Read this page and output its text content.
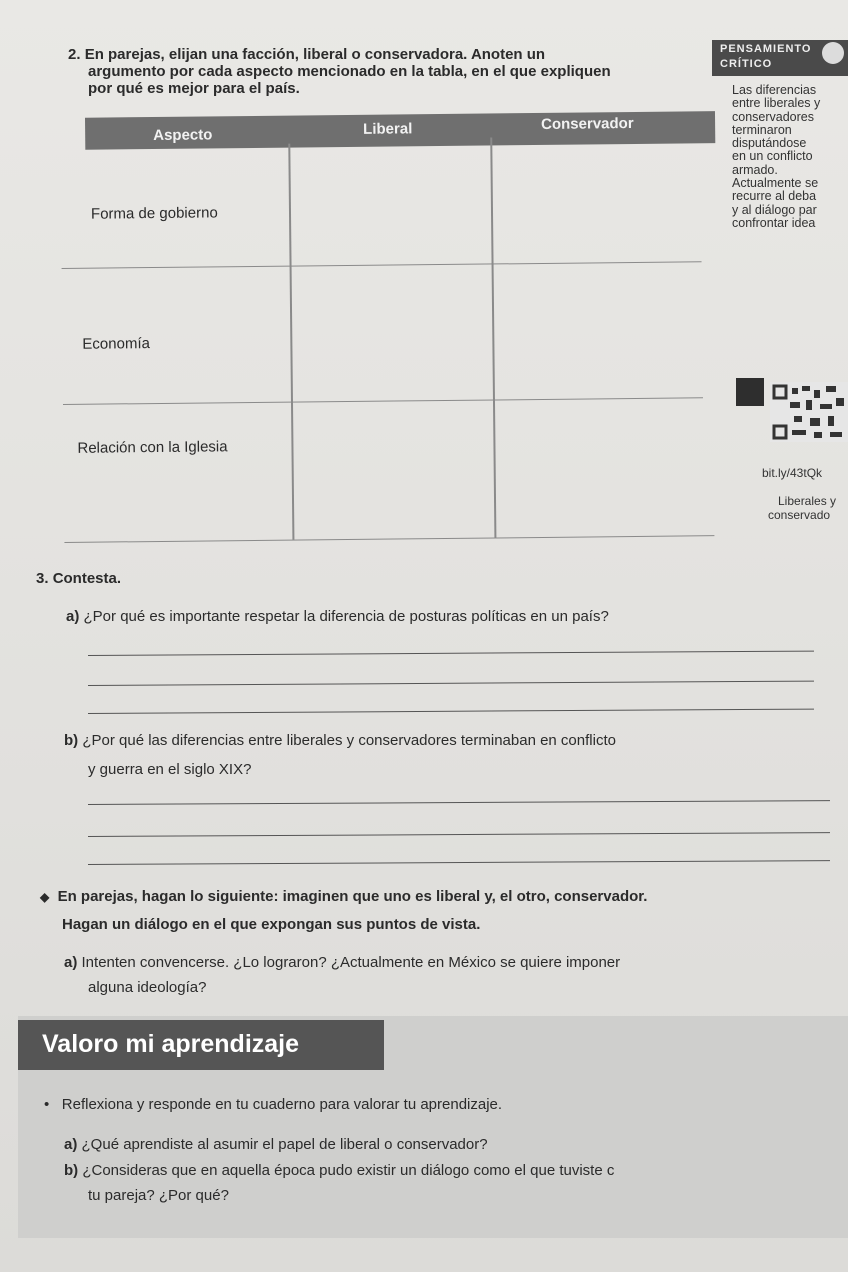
2. En parejas, elijan una facción, liberal o conservadora. Anoten un
argumento por cada aspecto mencionado en la tabla, en el que expliquen
por qué es mejor para el país.
PENSAMIENTO
CRÍTICO
Las diferencias
entre liberales y
conservadores
terminaron
disputándose
en un conflicto
armado.
Actualmente se
recurre al deba
y al diálogo par
confrontar idea
bit.ly/43tQk
Liberales y
conservado
Aspecto	Liberal	Conservador
Forma de gobierno
Economía
Relación con la Iglesia
3. Contesta.
a) ¿Por qué es importante respetar la diferencia de posturas políticas en un país?
b) ¿Por qué las diferencias entre liberales y conservadores terminaban en conflicto
y guerra en el siglo XIX?
◆ En parejas, hagan lo siguiente: imaginen que uno es liberal y, el otro, conservador.
Hagan un diálogo en el que expongan sus puntos de vista.
a) Intenten convencerse. ¿Lo lograron? ¿Actualmente en México se quiere imponer
alguna ideología?
Valoro mi aprendizaje
• Reflexiona y responde en tu cuaderno para valorar tu aprendizaje.
a) ¿Qué aprendiste al asumir el papel de liberal o conservador?
b) ¿Consideras que en aquella época pudo existir un diálogo como el que tuviste c
tu pareja? ¿Por qué?
